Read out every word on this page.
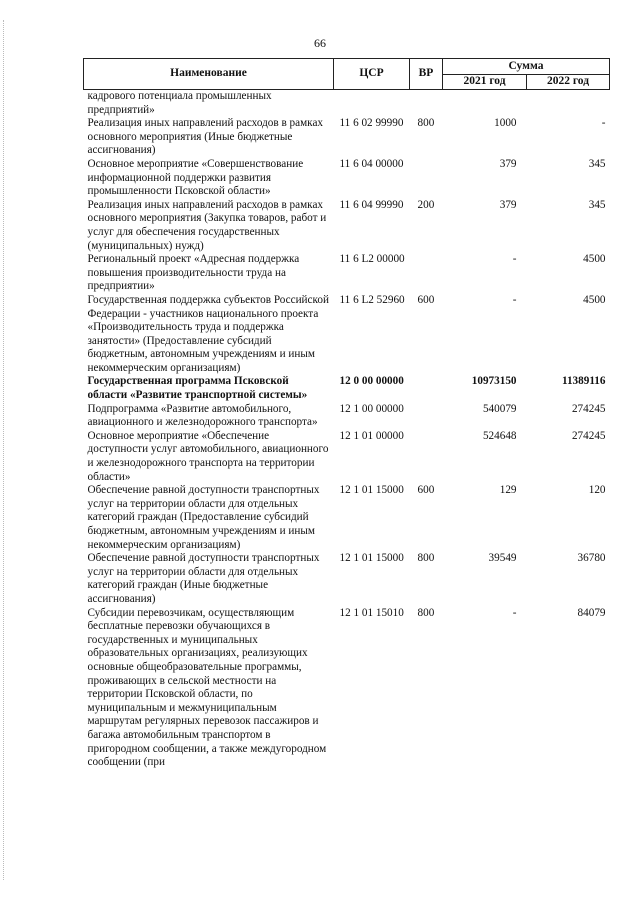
66
Наименование	ЦСР	ВР	Сумма	
			2021 год	2022 год
кадрового потенциала промышленных предприятий»				
Реализация иных направлений расходов в рамках основного мероприятия (Иные бюджетные ассигнования)	11 6 02 99990	800	1000	-
Основное мероприятие «Совершенствование информационной поддержки развития промышленности Псковской области»	11 6 04 00000		379	345
Реализация иных направлений расходов в рамках основного мероприятия (Закупка товаров, работ и услуг для обеспечения государственных (муниципальных) нужд)	11 6 04 99990	200	379	345
Региональный проект «Адресная поддержка повышения производительности труда на предприятии»	11 6 L2 00000		-	4500
Государственная поддержка субъектов Российской Федерации - участников национального проекта «Производительность труда и поддержка занятости» (Предоставление субсидий бюджетным, автономным учреждениям и иным некоммерческим организациям)	11 6 L2 52960	600	-	4500
Государственная программа Псковской области «Развитие транспортной системы»	12 0 00 00000		10973150	11389116
Подпрограмма «Развитие автомобильного, авиационного и железнодорожного транспорта»	12 1 00 00000		540079	274245
Основное мероприятие «Обеспечение доступности услуг автомобильного, авиационного и железнодорожного транспорта на территории области»	12 1 01 00000		524648	274245
Обеспечение равной доступности транспортных услуг на территории области для отдельных категорий граждан (Предоставление субсидий бюджетным, автономным учреждениям и иным некоммерческим организациям)	12 1 01 15000	600	129	120
Обеспечение равной доступности транспортных услуг на территории области для отдельных категорий граждан (Иные бюджетные ассигнования)	12 1 01 15000	800	39549	36780
Субсидии перевозчикам, осуществляющим бесплатные перевозки обучающихся в государственных и муниципальных образовательных организациях, реализующих основные общеобразовательные программы, проживающих в сельской местности на территории Псковской области, по муниципальным и межмуниципальным маршрутам регулярных перевозок пассажиров и багажа автомобильным транспортом в пригородном сообщении, а также междугородном сообщении (при	12 1 01 15010	800	-	84079
